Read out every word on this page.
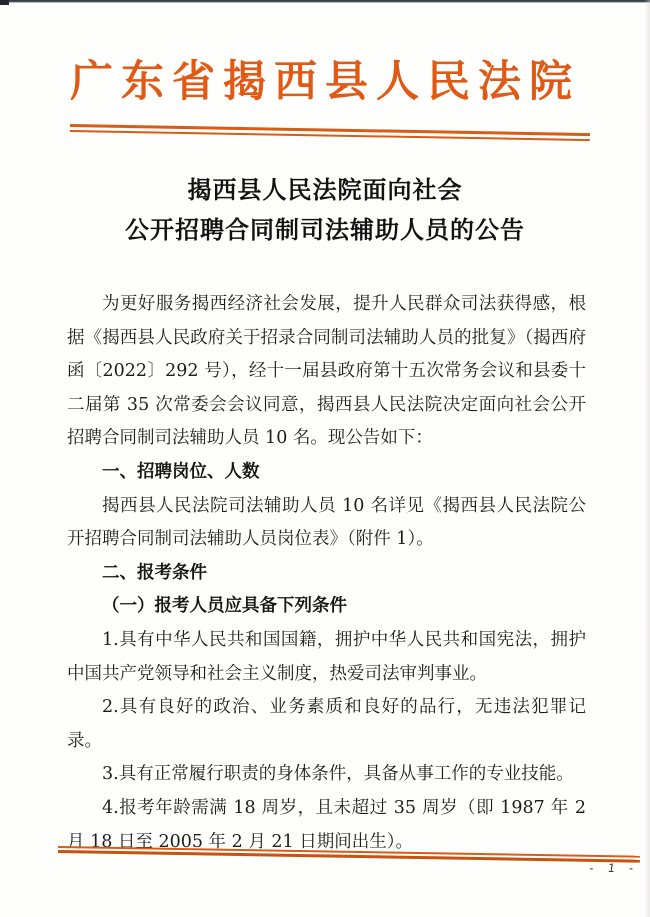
广东省揭西县人民法院
揭西县人民法院面向社会
公开招聘合同制司法辅助人员的公告

为更好服务揭西经济社会发展，提升人民群众司法获得感，根据《揭西县人民政府关于招录合同制司法辅助人员的批复》（揭西府函〔2022〕292 号），经十一届县政府第十五次常务会议和县委十二届第 35 次常委会会议同意，揭西县人民法院决定面向社会公开招聘合同制司法辅助人员 10 名。现公告如下：

一、招聘岗位、人数

揭西县人民法院司法辅助人员 10 名详见《揭西县人民法院公开招聘合同制司法辅助人员岗位表》（附件 1）。

二、报考条件

（一）报考人员应具备下列条件

1.具有中华人民共和国国籍，拥护中华人民共和国宪法，拥护中国共产党领导和社会主义制度，热爱司法审判事业。

2.具有良好的政治、业务素质和良好的品行，无违法犯罪记录。

3.具有正常履行职责的身体条件，具备从事工作的专业技能。

4.报考年龄需满 18 周岁，且未超过 35 周岁（即 1987 年 2 月 18 日至 2005 年 2 月 21 日期间出生）。

- 1 -
